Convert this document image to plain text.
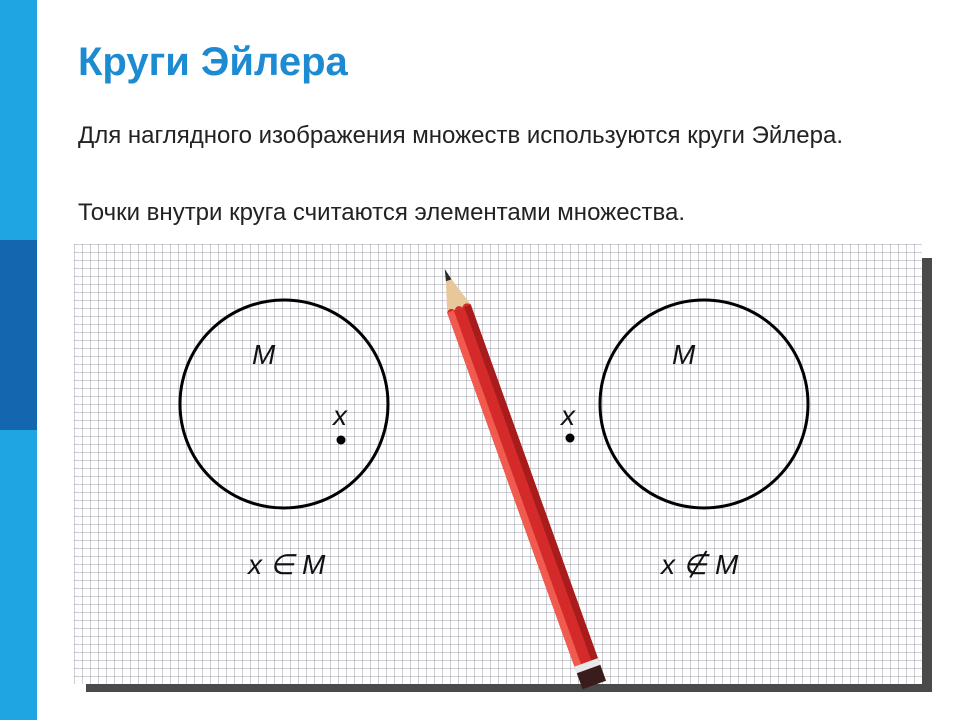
Круги Эйлера

Для наглядного изображения множеств используются круги Эйлера.

Точки внутри круга считаются элементами множества.

M
x
x ∈ M
M
x
x ∉ M
